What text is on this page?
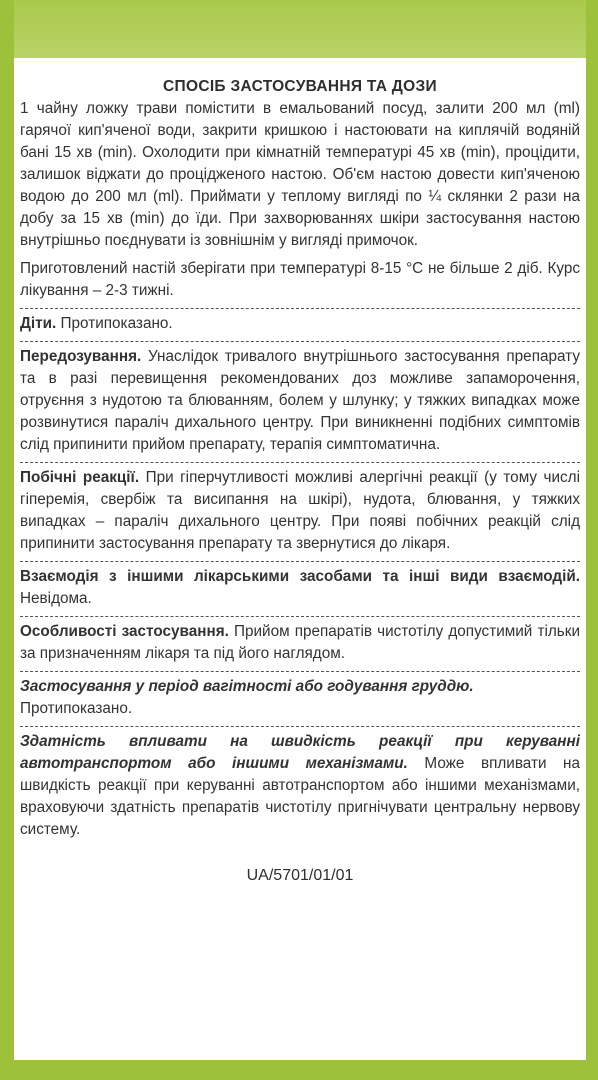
СПОСІБ ЗАСТОСУВАННЯ ТА ДОЗИ

1 чайну ложку трави помістити в емальований посуд, залити 200 мл (ml) гарячої кип'яченої води, закрити кришкою і настоювати на киплячій водяній бані 15 хв (min). Охолодити при кімнатній температурі 45 хв (min), процідити, залишок віджати до процідженого настою. Об'єм настою довести кип'яченою водою до 200 мл (ml). Приймати у теплому вигляді по ¼ склянки 2 рази на добу за 15 хв (min) до їди. При захворюваннях шкіри застосування настою внутрішньо поєднувати із зовнішнім у вигляді примочок.

Приготовлений настій зберігати при температурі 8-15 °С не більше 2 діб. Курс лікування – 2-3 тижні.

Діти. Протипоказано.

Передозування. Унаслідок тривалого внутрішнього застосування препарату та в разі перевищення рекомендованих доз можливе запаморочення, отруєння з нудотою та блюванням, болем у шлунку; у тяжких випадках може розвинутися параліч дихального центру. При виникненні подібних симптомів слід припинити прийом препарату, терапія симптоматична.

Побічні реакції. При гіперчутливості можливі алергічні реакції (у тому числі гіперемія, свербіж та висипання на шкірі), нудота, блювання, у тяжких випадках – параліч дихального центру. При появі побічних реакцій слід припинити застосування препарату та звернутися до лікаря.

Взаємодія з іншими лікарськими засобами та інші види взаємодій. Невідома.

Особливості застосування. Прийом препаратів чистотілу допустимий тільки за призначенням лікаря та під його наглядом.

Застосування у період вагітності або годування груддю.

Протипоказано.

Здатність впливати на швидкість реакції при керуванні автотранспортом або іншими механізмами. Може впливати на швидкість реакції при керуванні автотранспортом або іншими механізмами, враховуючи здатність препаратів чистотілу пригнічувати центральну нервову систему.

UA/5701/01/01
